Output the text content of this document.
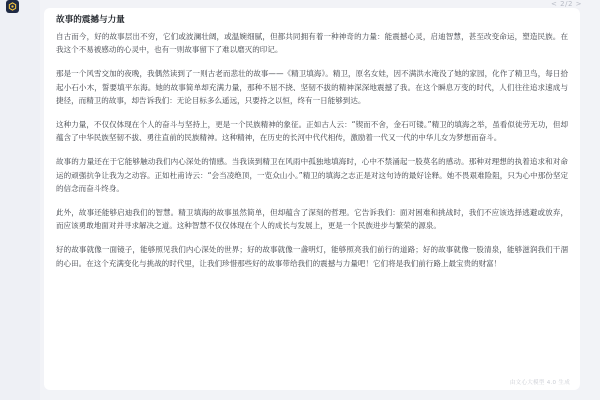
< 2/2 >
故事的震撼与力量

自古而今，好的故事层出不穷，它们或波澜壮阔，或温婉细腻，但都共同拥有着一种神奇的力量：能震撼心灵，启迪智慧，甚至改变命运，塑造民族。在我这个不易被感动的心灵中，也有一则故事留下了难以磨灭的印记。

那是一个风雪交加的夜晚，我偶然读到了一则古老而悲壮的故事——《精卫填海》。精卫，原名女娃，因不满洪水淹没了她的家园，化作了精卫鸟，每日拾起小石小木，誓要填平东海。她的故事简单却充满力量，那种不屈不挠、坚韧不拔的精神深深地震撼了我。在这个瞬息万变的时代，人们往往追求速成与捷径，而精卫的故事，却告诉我们：无论目标多么遥远，只要持之以恒，终有一日能够到达。

这种力量，不仅仅体现在个人的奋斗与坚持上，更是一个民族精神的象征。正如古人云：“锲而不舍，金石可镂。”精卫的填海之举，虽看似徒劳无功，但却蕴含了中华民族坚韧不拔、勇往直前的民族精神。这种精神，在历史的长河中代代相传，激励着一代又一代的中华儿女为梦想而奋斗。

故事的力量还在于它能够触动我们内心深处的情感。当我读到精卫在风雨中孤独地填海时，心中不禁涌起一股莫名的感动。那种对理想的执着追求和对命运的顽强抗争让我为之动容。正如杜甫诗云：“会当凌绝顶，一览众山小。”精卫的填海之志正是对这句诗的最好诠释。她不畏艰难险阻，只为心中那份坚定的信念而奋斗终身。

此外，故事还能够启迪我们的智慧。精卫填海的故事虽然简单，但却蕴含了深刻的哲理。它告诉我们：面对困难和挑战时，我们不应该选择逃避或放弃，而应该勇敢地面对并寻求解决之道。这种智慧不仅仅体现在个人的成长与发展上，更是一个民族进步与繁荣的源泉。

好的故事就像一面镜子，能够照见我们内心深处的世界；好的故事就像一盏明灯，能够照亮我们前行的道路；好的故事就像一股清泉，能够滋润我们干涸的心田。在这个充满变化与挑战的时代里，让我们珍惜那些好的故事带给我们的震撼与力量吧！它们将是我们前行路上最宝贵的财富！

由文心大模型 4.0 生成
